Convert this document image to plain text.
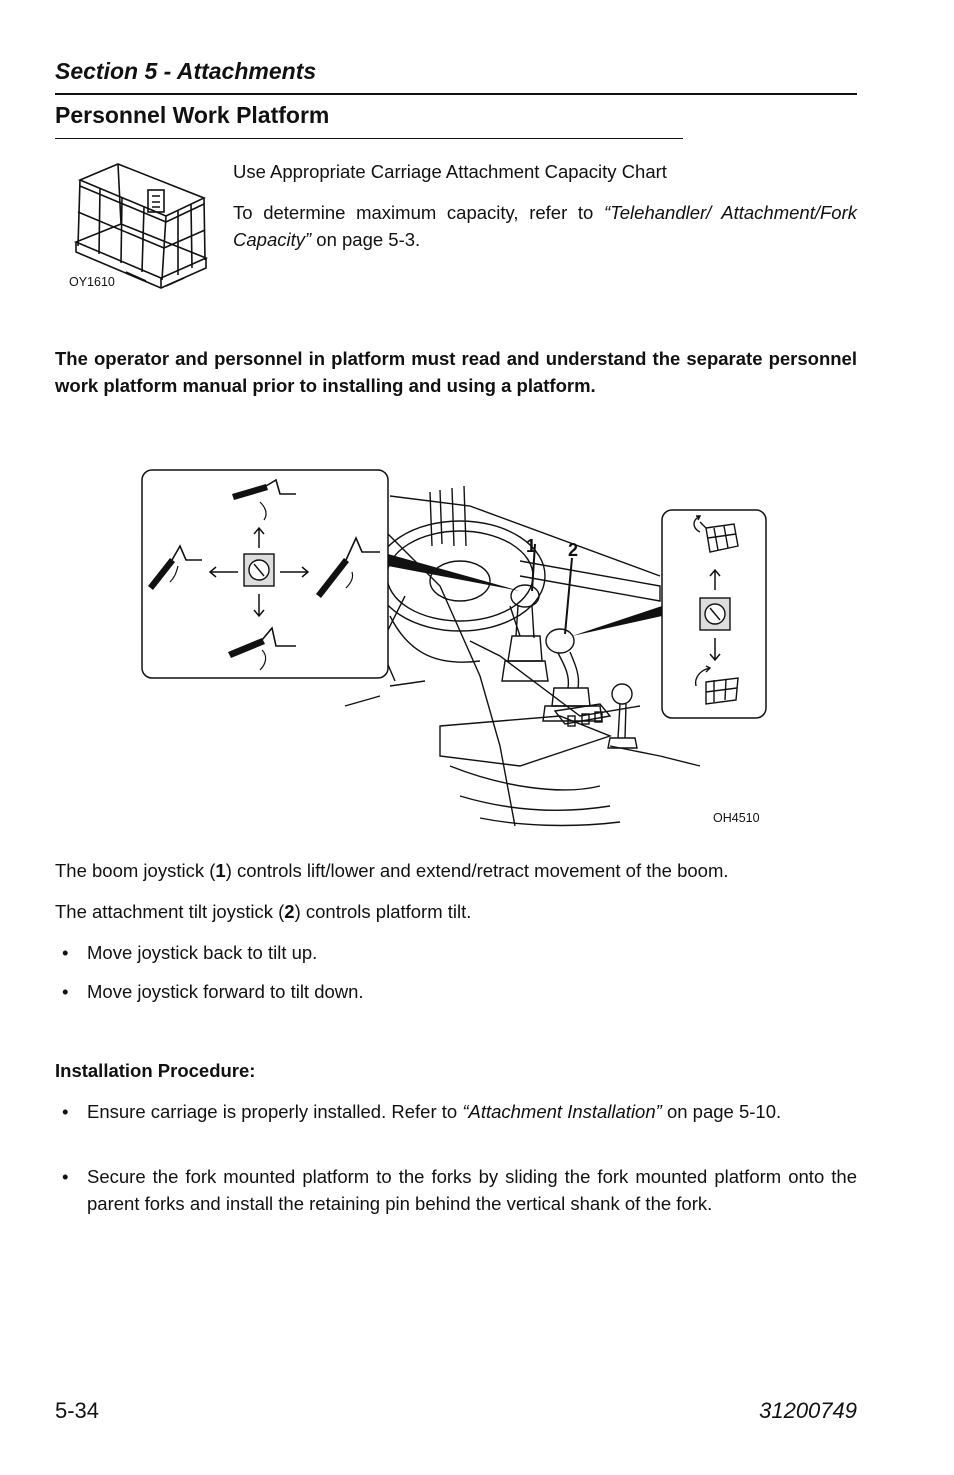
Section 5 - Attachments
Personnel Work Platform
OY1610
Use Appropriate Carriage Attachment Capacity Chart
To determine maximum capacity, refer to “Telehandler/ Attachment/Fork Capacity” on page 5-3.
The operator and personnel in platform must read and understand the separate personnel work platform manual prior to installing and using a platform.
1 2
OH4510
The boom joystick (1) controls lift/lower and extend/retract movement of the boom.
The attachment tilt joystick (2) controls platform tilt.
•	Move joystick back to tilt up.
•	Move joystick forward to tilt down.
Installation Procedure:
•	Ensure carriage is properly installed. Refer to “Attachment Installation” on page 5-10.
•	Secure the fork mounted platform to the forks by sliding the fork mounted platform onto the parent forks and install the retaining pin behind the vertical shank of the fork.
5-34	31200749
